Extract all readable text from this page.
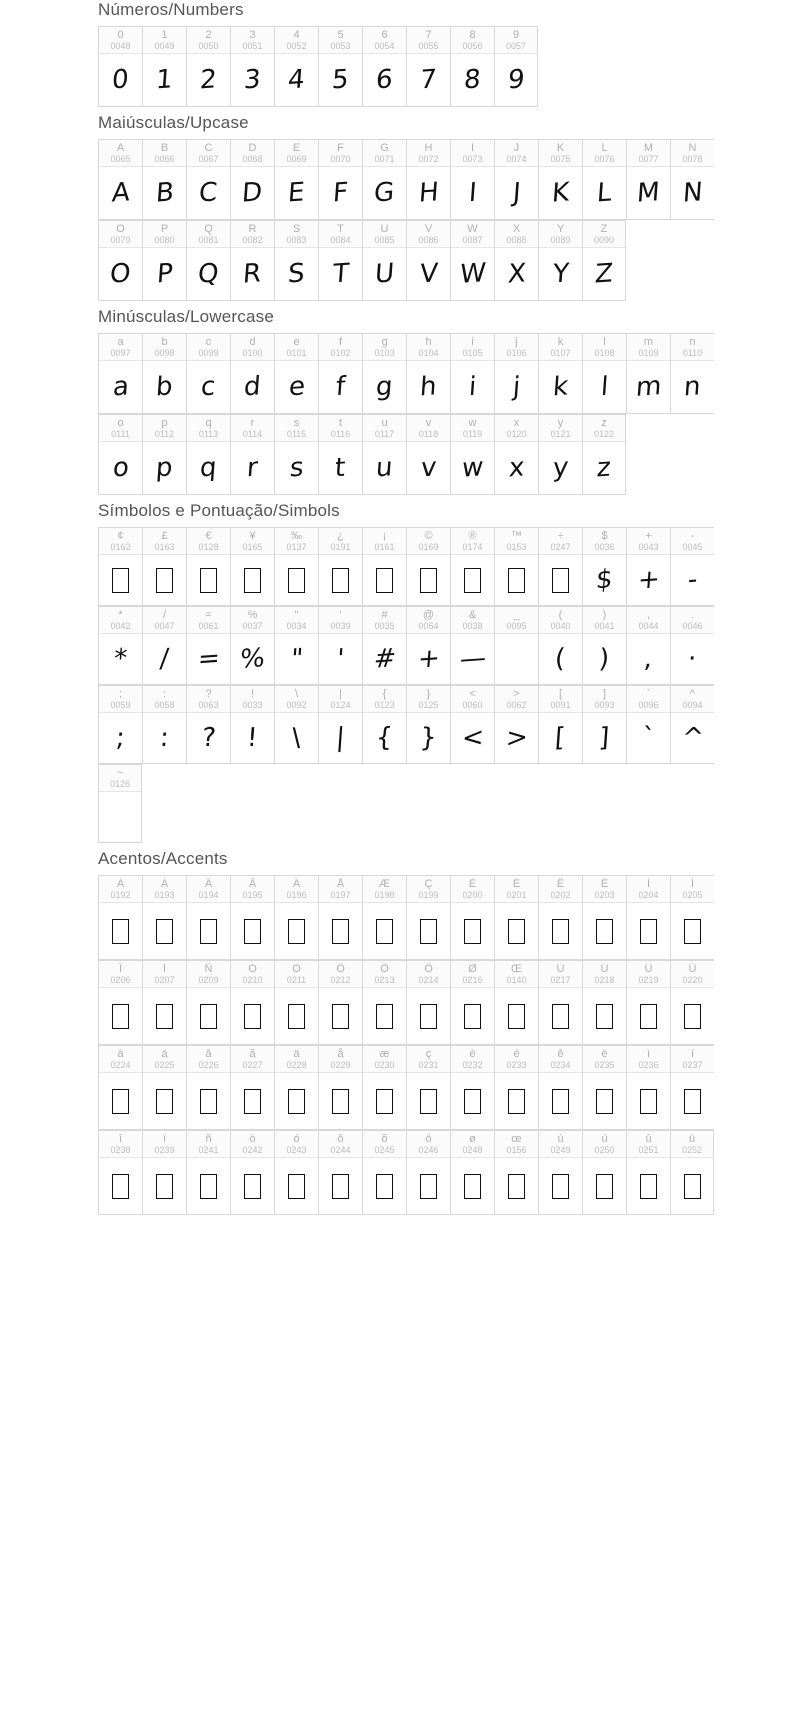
Números/Numbers
0
0048
0
1
0049
1
2
0050
2
3
0051
3
4
0052
4
5
0053
5
6
0054
6
7
0055
7
8
0056
8
9
0057
9
Maiúsculas/Upcase
A
0065
A
B
0066
B
C
0067
C
D
0068
D
E
0069
E
F
0070
F
G
0071
G
H
0072
H
I
0073
I
J
0074
J
K
0075
K
L
0076
L
M
0077
M
N
0078
N
O
0079
O
P
0080
P
Q
0081
Q
R
0082
R
S
0083
S
T
0084
T
U
0085
U
V
0086
V
W
0087
W
X
0088
X
Y
0089
Y
Z
0090
Z
Minúsculas/Lowercase
a
0097
a
b
0098
b
c
0099
c
d
0100
d
e
0101
e
f
0102
f
g
0103
g
h
0104
h
i
0105
i
j
0106
j
k
0107
k
l
0108
l
m
0109
m
n
0110
n
o
0111
o
p
0112
p
q
0113
q
r
0114
r
s
0115
s
t
0116
t
u
0117
u
v
0118
v
w
0119
w
x
0120
x
y
0121
y
z
0122
z
Símbolos e Pontuação/Simbols
¢
0162
£
0163
€
0128
¥
0165
‰
0137
¿
0191
¡
0161
©
0169
®
0174
™
0153
÷
0247
$
0036
$
+
0043
+
-
0045
-
*
0042
*
/
0047
/
=
0061
=
%
0037
%
"
0034
"
'
0039
'
#
0035
#
@
0064
+
&
0038
—
_
0095
(
0040
(
)
0041
)
,
0044
,
.
0046
·
;
0059
;
:
0058
:
?
0063
?
!
0033
!
\
0092
\
|
0124
|
{
0123
{
}
0125
}
<
0060
<
>
0062
>
[
0091
[
]
0093
]
`
0096
`
^
0094
^
~
0126
Acentos/Accents
À
0192
Á
0193
Â
0194
Ã
0195
Ä
0196
Å
0197
Æ
0198
Ç
0199
È
0200
É
0201
Ê
0202
Ë
0203
Ì
0204
Í
0205
Î
0206
Ï
0207
Ñ
0209
Ò
0210
Ó
0211
Ô
0212
Õ
0213
Ö
0214
Ø
0216
Œ
0140
Ù
0217
Ú
0218
Û
0219
Ü
0220
à
0224
á
0225
â
0226
ã
0227
ä
0228
å
0229
æ
0230
ç
0231
è
0232
é
0233
ê
0234
ë
0235
ì
0236
í
0237
î
0238
ï
0239
ñ
0241
ò
0242
ó
0243
ô
0244
õ
0245
ö
0246
ø
0248
œ
0156
ù
0249
ú
0250
û
0251
ü
0252
